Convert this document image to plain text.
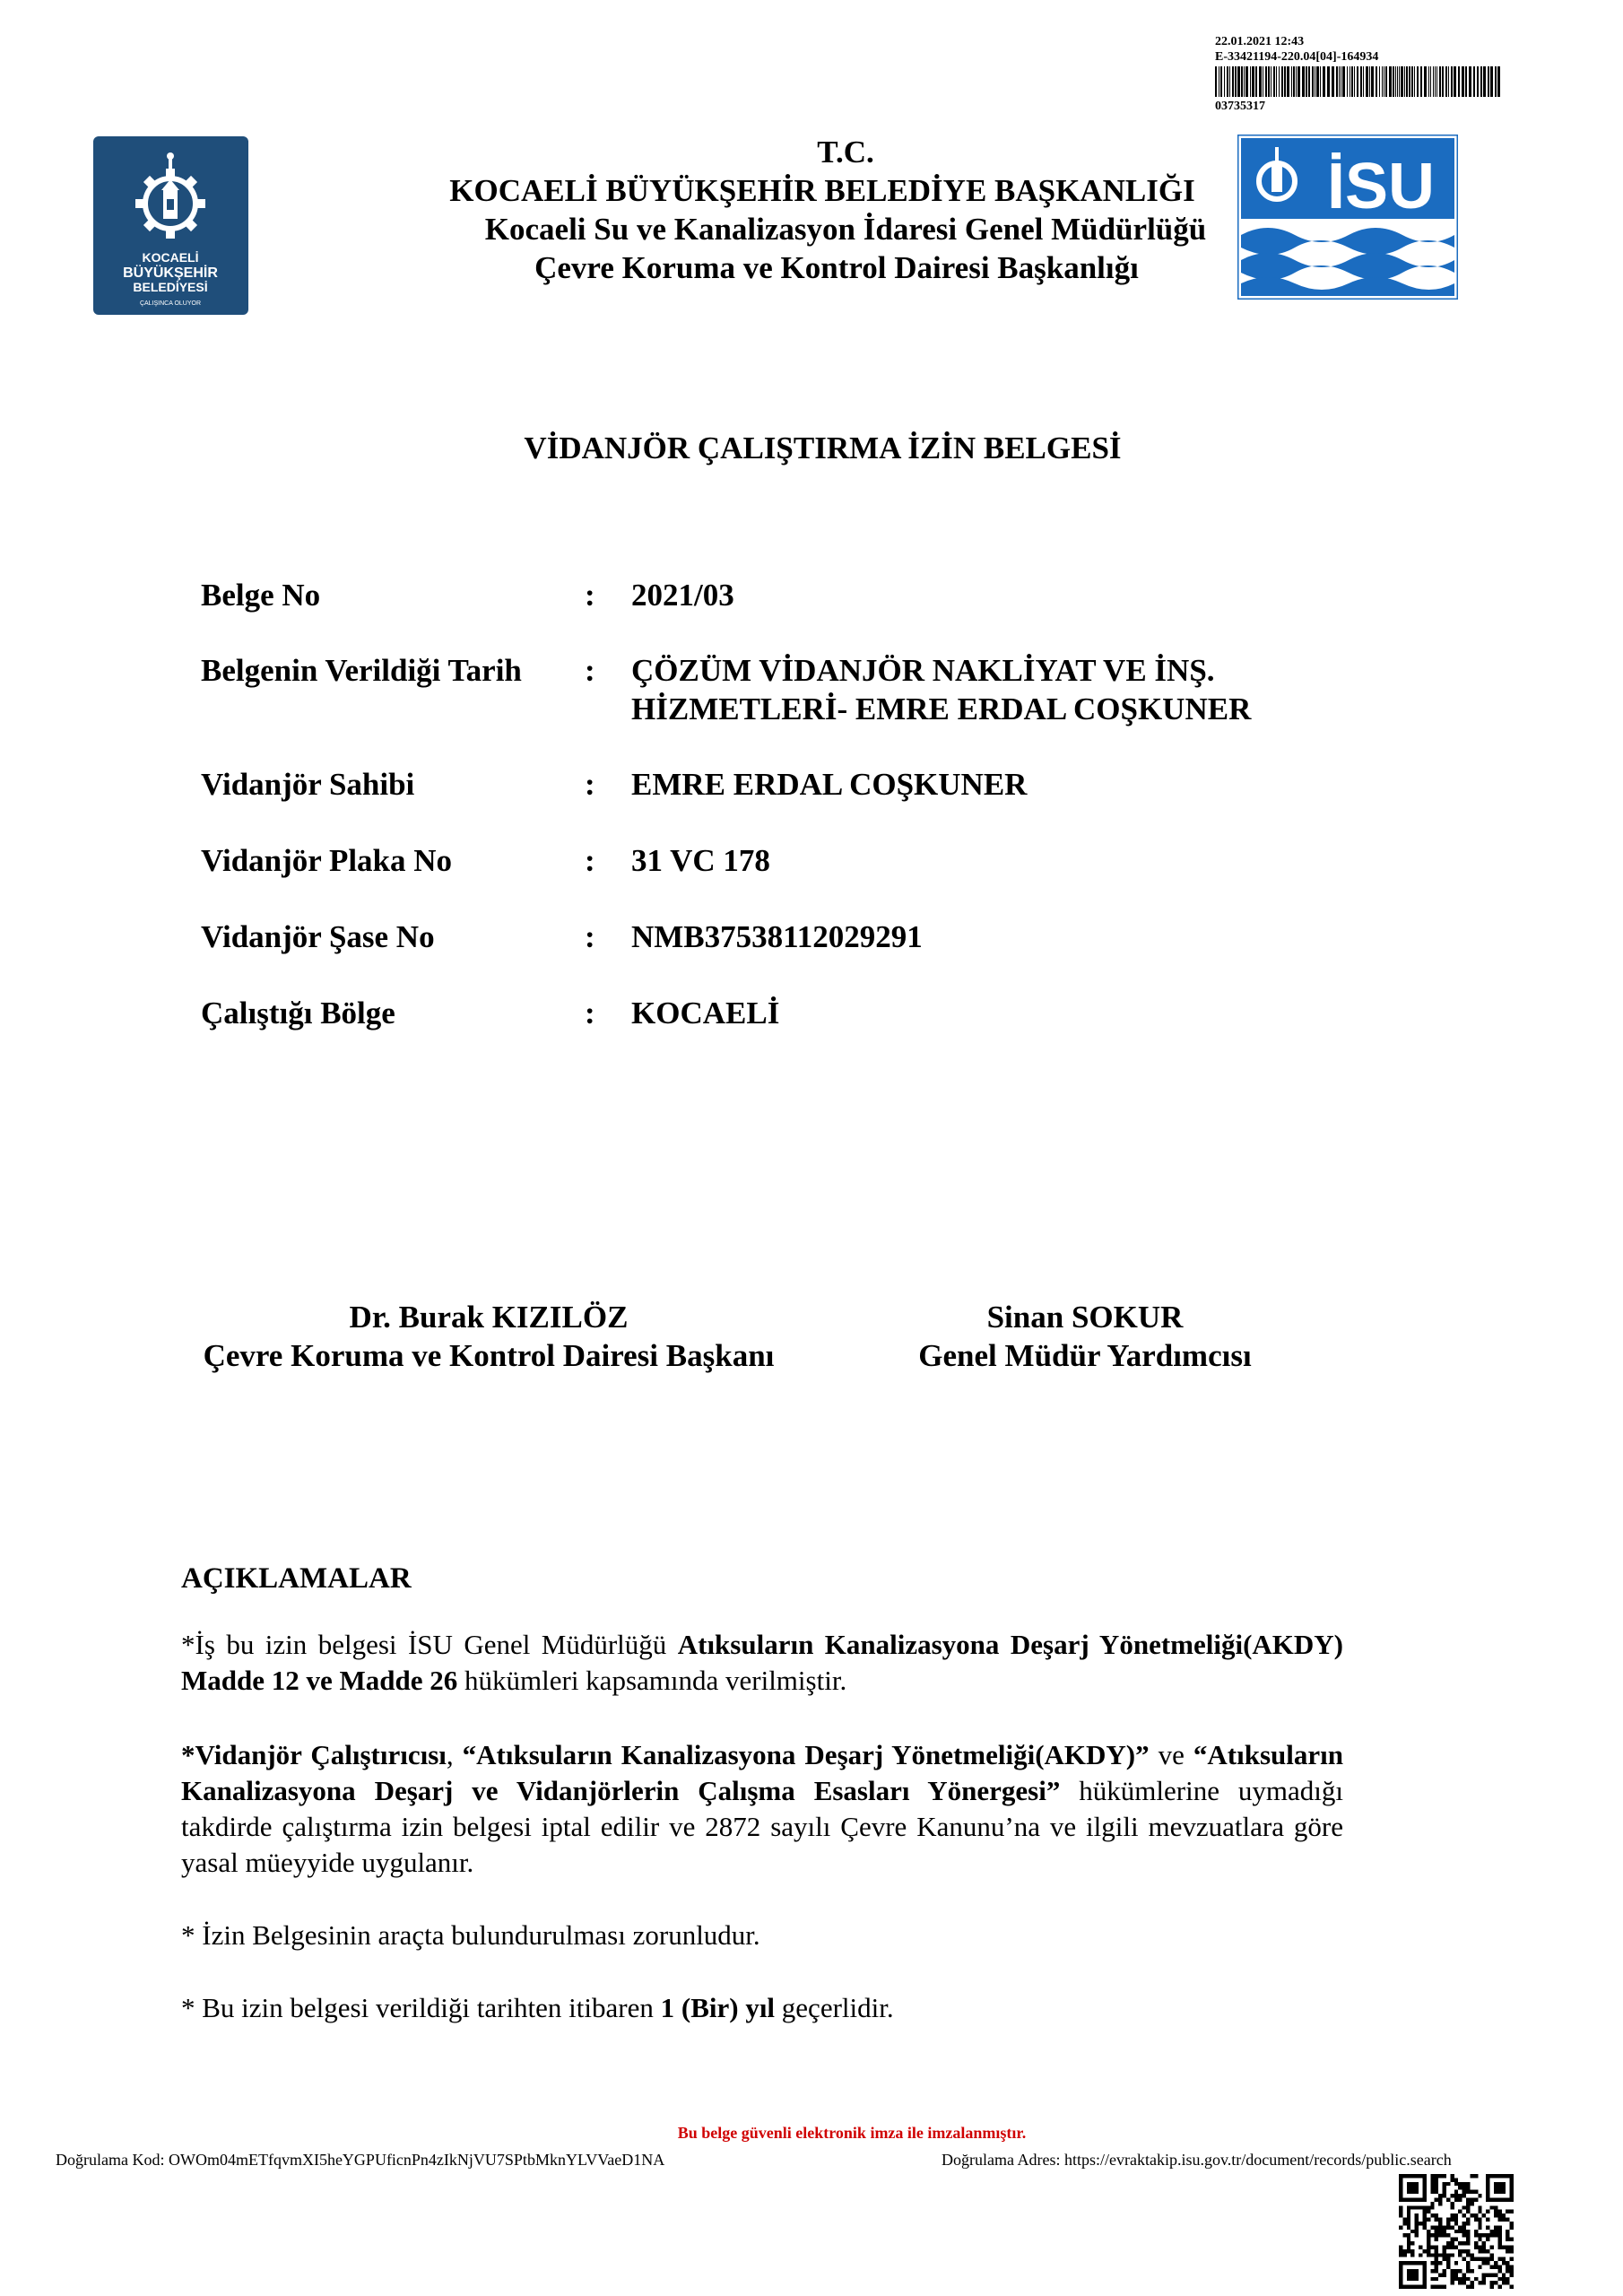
22.01.2021 12:43
E-33421194-220.04[04]-164934
03735317
KOCAELİ
BÜYÜKŞEHİR
BELEDİYESİ
ÇALIŞINCA OLUYOR
İSU
T.C.
KOCAELİ BÜYÜKŞEHİR BELEDİYE BAŞKANLIĞI
Kocaeli Su ve Kanalizasyon İdaresi Genel Müdürlüğü
Çevre Koruma ve Kontrol Dairesi Başkanlığı
VİDANJÖR ÇALIŞTIRMA İZİN BELGESİ
Belge No	: 2021/03
Belgenin Verildiği Tarih : ÇÖZÜM VİDANJÖR NAKLİYAT VE İNŞ.
HİZMETLERİ- EMRE ERDAL COŞKUNER
Vidanjör Sahibi	: EMRE ERDAL COŞKUNER
Vidanjör Plaka No	: 31 VC 178
Vidanjör Şase No	: NMB37538112029291
Çalıştığı Bölge	: KOCAELİ
Dr. Burak KIZILÖZ
Çevre Koruma ve Kontrol Dairesi Başkanı
Sinan SOKUR
Genel Müdür Yardımcısı
AÇIKLAMALAR
*İş bu izin belgesi İSU Genel Müdürlüğü Atıksuların Kanalizasyona Deşarj Yönetmeliği(AKDY) Madde 12 ve Madde 26 hükümleri kapsamında verilmiştir.
*Vidanjör Çalıştırıcısı, “Atıksuların Kanalizasyona Deşarj Yönetmeliği(AKDY)” ve “Atıksuların Kanalizasyona Deşarj ve Vidanjörlerin Çalışma Esasları Yönergesi” hükümlerine uymadığı takdirde çalıştırma izin belgesi iptal edilir ve 2872 sayılı Çevre Kanunu’na ve ilgili mevzuatlara göre yasal müeyyide uygulanır.
* İzin Belgesinin araçta bulundurulması zorunludur.
* Bu izin belgesi verildiği tarihten itibaren 1 (Bir) yıl geçerlidir.
Bu belge güvenli elektronik imza ile imzalanmıştır.
Doğrulama Kod: OWOm04mETfqvmXI5heYGPUficnPn4zIkNjVU7SPtbMknYLVVaeD1NA	Doğrulama Adres: https://evraktakip.isu.gov.tr/document/records/public.search
